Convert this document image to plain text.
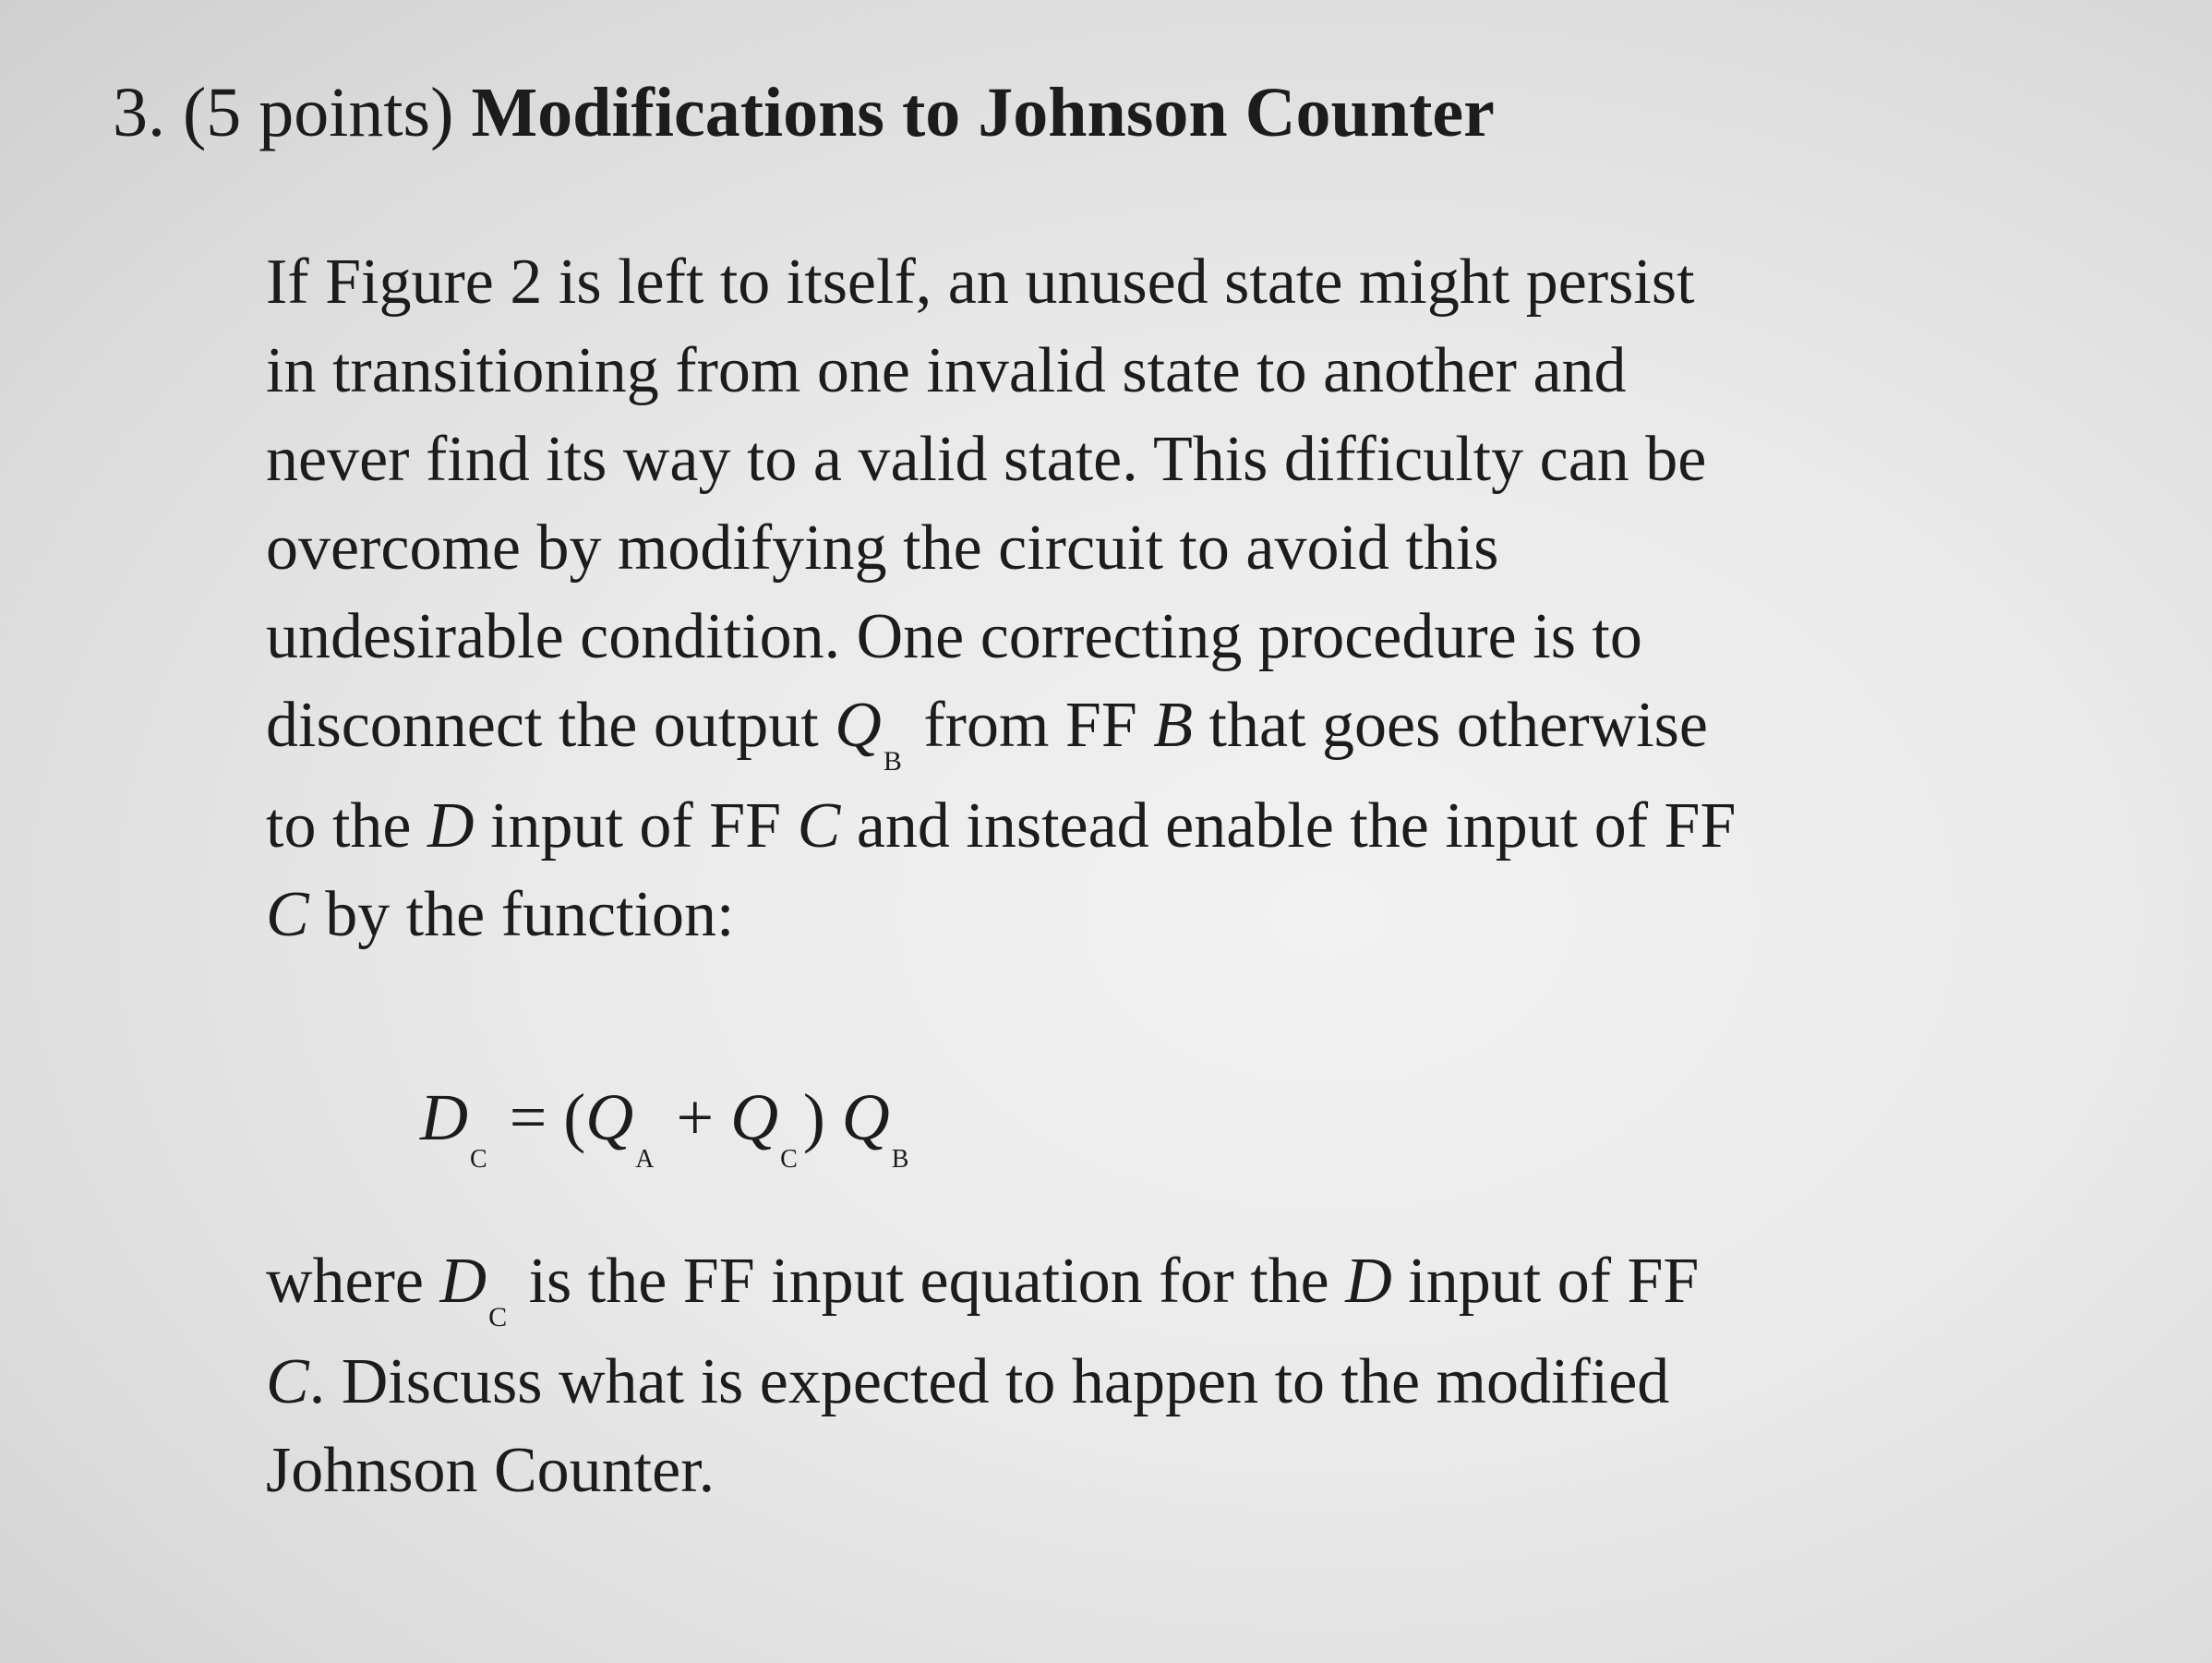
3. (5 points) Modifications to Johnson Counter
If Figure 2 is left to itself, an unused state might persist
in transitioning from one invalid state to another and
never find its way to a valid state. This difficulty can be
overcome by modifying the circuit to avoid this
undesirable condition. One correcting procedure is to
disconnect the output $Q_B$ from FF B that goes otherwise
to the D input of FF C and instead enable the input of FF
C by the function:
$D_C = (Q_A + Q_C)$ $Q_B$
where $D_C$ is the FF input equation for the D input of FF
C. Discuss what is expected to happen to the modified
Johnson Counter.
